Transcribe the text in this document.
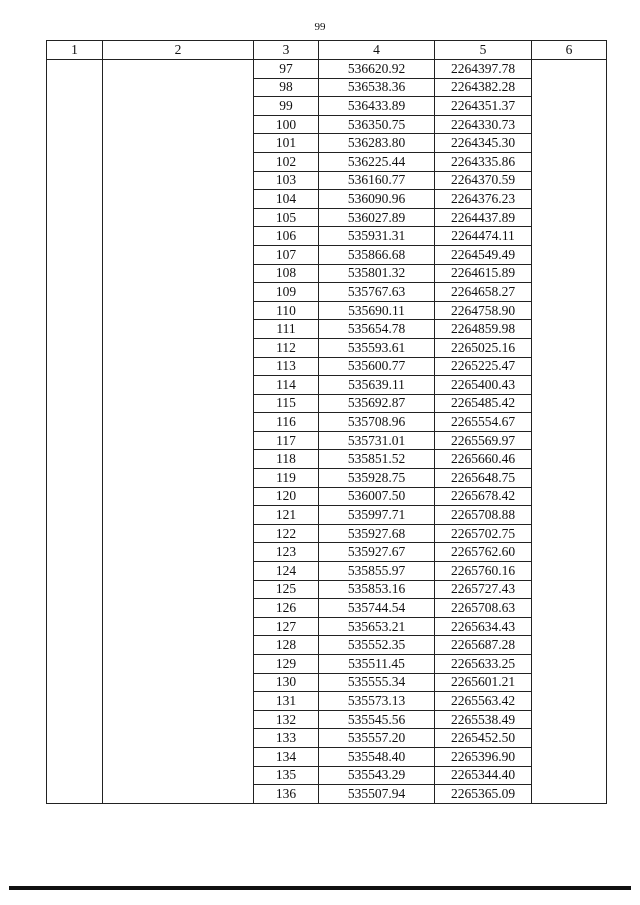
99
1	2	3	4	5	6
		97	536620.92	2264397.78	
		98	536538.36	2264382.28	
		99	536433.89	2264351.37	
		100	536350.75	2264330.73	
		101	536283.80	2264345.30	
		102	536225.44	2264335.86	
		103	536160.77	2264370.59	
		104	536090.96	2264376.23	
		105	536027.89	2264437.89	
		106	535931.31	2264474.11	
		107	535866.68	2264549.49	
		108	535801.32	2264615.89	
		109	535767.63	2264658.27	
		110	535690.11	2264758.90	
		111	535654.78	2264859.98	
		112	535593.61	2265025.16	
		113	535600.77	2265225.47	
		114	535639.11	2265400.43	
		115	535692.87	2265485.42	
		116	535708.96	2265554.67	
		117	535731.01	2265569.97	
		118	535851.52	2265660.46	
		119	535928.75	2265648.75	
		120	536007.50	2265678.42	
		121	535997.71	2265708.88	
		122	535927.68	2265702.75	
		123	535927.67	2265762.60	
		124	535855.97	2265760.16	
		125	535853.16	2265727.43	
		126	535744.54	2265708.63	
		127	535653.21	2265634.43	
		128	535552.35	2265687.28	
		129	535511.45	2265633.25	
		130	535555.34	2265601.21	
		131	535573.13	2265563.42	
		132	535545.56	2265538.49	
		133	535557.20	2265452.50	
		134	535548.40	2265396.90	
		135	535543.29	2265344.40	
		136	535507.94	2265365.09	
